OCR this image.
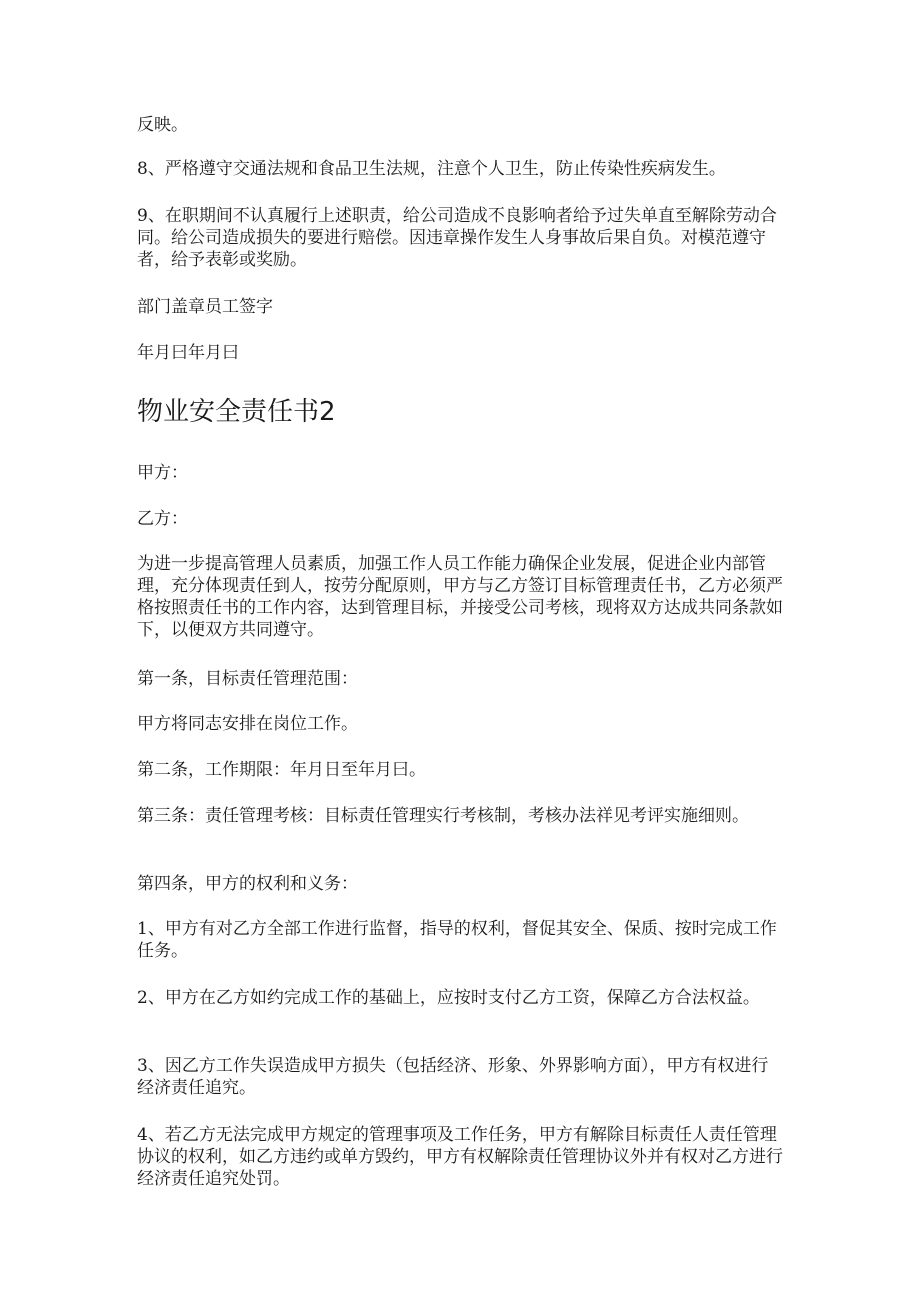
反映。

8、严格遵守交通法规和食品卫生法规，注意个人卫生，防止传染性疾病发生。

9、在职期间不认真履行上述职责，给公司造成不良影响者给予过失单直至解除劳动合同。给公司造成损失的要进行赔偿。因违章操作发生人身事故后果自负。对模范遵守者，给予表彰或奖励。

部门盖章员工签字

年月曰年月曰

物业安全责任书2

甲方：

乙方：

为进一步提高管理人员素质，加强工作人员工作能力确保企业发展，促进企业内部管理，充分体现责任到人，按劳分配原则，甲方与乙方签订目标管理责任书，乙方必须严格按照责任书的工作内容，达到管理目标，并接受公司考核，现将双方达成共同条款如下，以便双方共同遵守。

第一条，目标责任管理范围：

甲方将同志安排在岗位工作。

第二条，工作期限：年月日至年月曰。

第三条：责任管理考核：目标责任管理实行考核制，考核办法祥见考评实施细则。

第四条，甲方的权利和义务：

1、甲方有对乙方全部工作进行监督，指导的权利，督促其安全、保质、按时完成工作任务。

2、甲方在乙方如约完成工作的基础上，应按时支付乙方工资，保障乙方合法权益。

3、因乙方工作失误造成甲方损失（包括经济、形象、外界影响方面），甲方有权进行经济责任追究。

4、若乙方无法完成甲方规定的管理事项及工作任务，甲方有解除目标责任人责任管理协议的权利，如乙方违约或单方毁约，甲方有权解除责任管理协议外并有权对乙方进行经济责任追究处罚。
